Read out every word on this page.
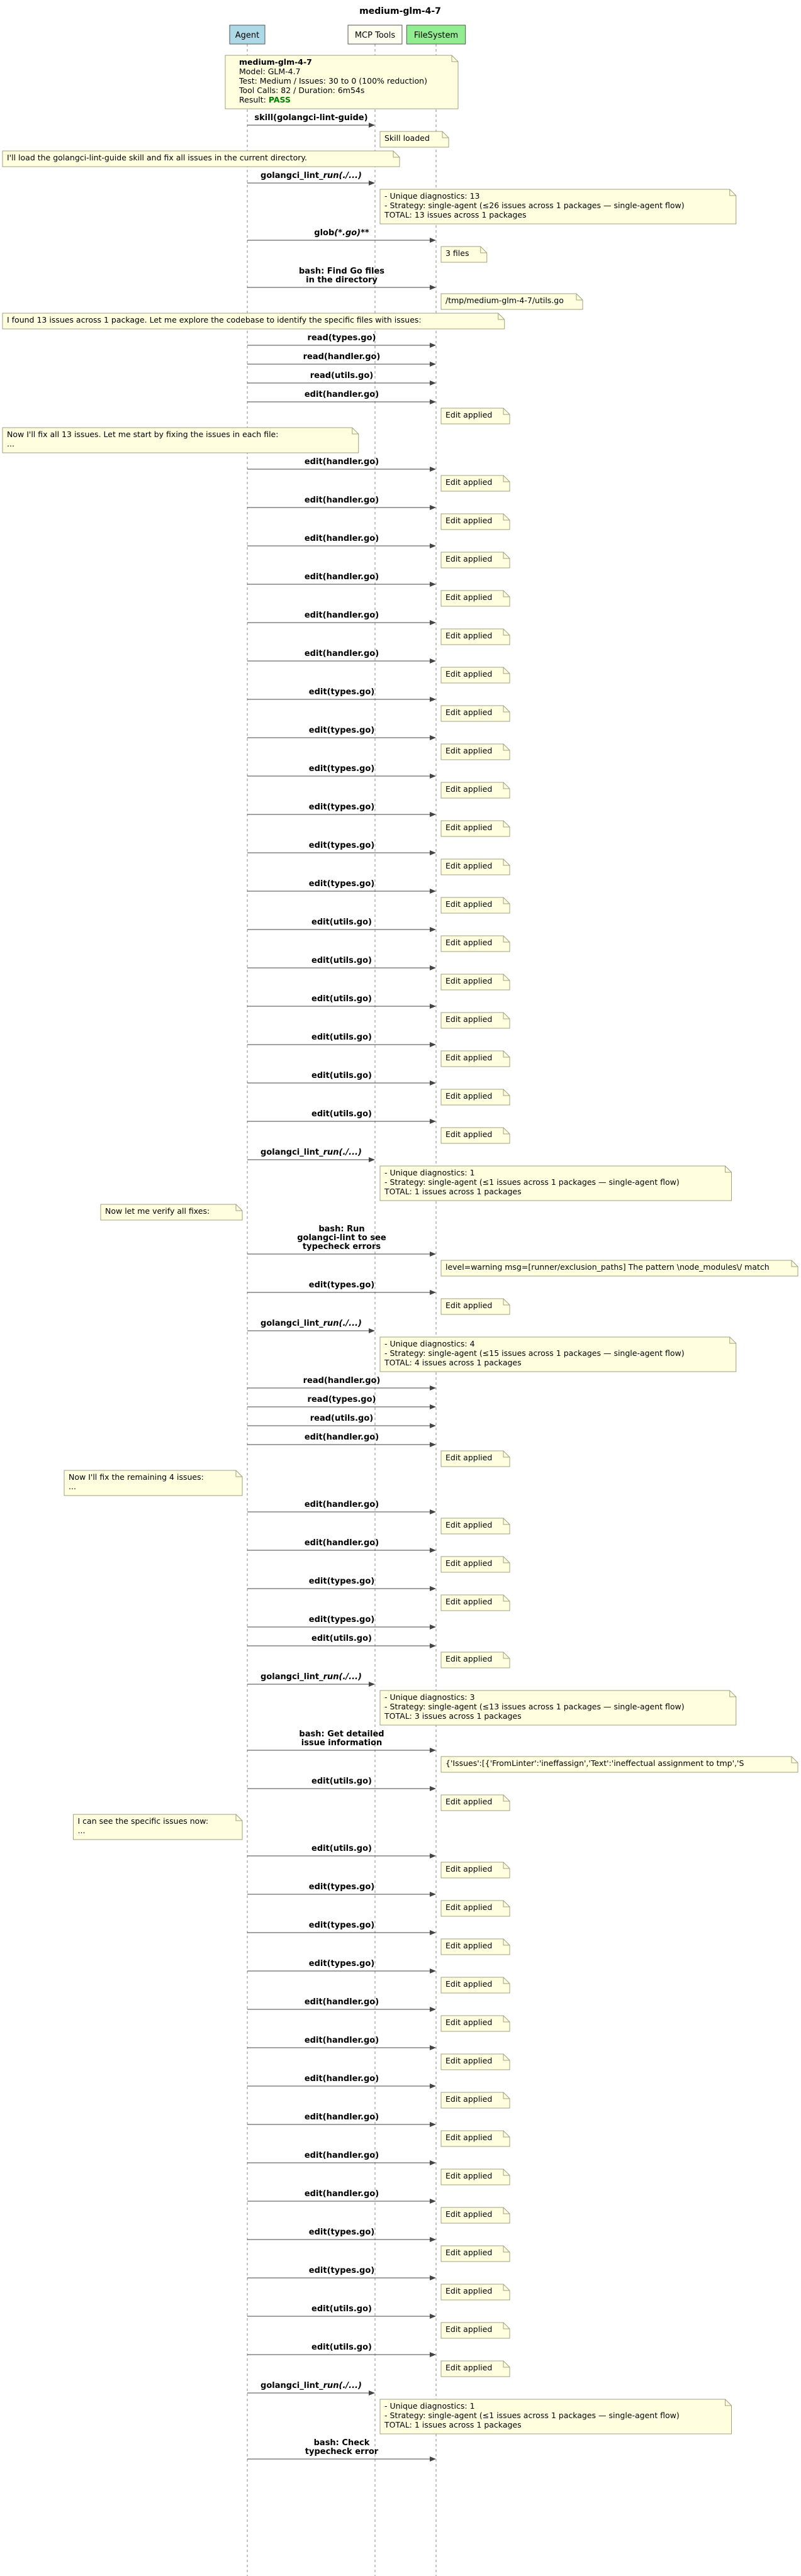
medium-glm-4-7
Agent	MCP Tools FileSystem
medium-glm-4-7
Model: GLM-4.7
Test: Medium / Issues: 30 to 0 (100% reduction)
Tool Calls: 82 / Duration: 6m54s
Result: PASS
skill(golangci-lint-guide)
Skill loaded
I'll load the golangci-lint-guide skill and fix all issues in the current directory.
golangci_lint_run(./...)
- Unique diagnostics: 13
- Strategy: single-agent (≤26 issues across 1 packages — single-agent flow)
TOTAL: 13 issues across 1 packages
glob(*.go)**
3 files
bash: Find Go files
in the directory
/tmp/medium-glm-4-7/utils.go
I found 13 issues across 1 package. Let me explore the codebase to identify the specific files with issues:
read(types.go)
read(handler.go)
read(utils.go)
edit(handler.go)
Edit applied
Now I'll fix all 13 issues. Let me start by fixing the issues in each file:
...
edit(handler.go)
Edit applied
edit(handler.go)
Edit applied
edit(handler.go)
Edit applied
edit(handler.go)
Edit applied
edit(handler.go)
Edit applied
edit(handler.go)
Edit applied
edit(types.go)
Edit applied
edit(types.go)
Edit applied
edit(types.go)
Edit applied
edit(types.go)
Edit applied
edit(types.go)
Edit applied
edit(types.go)
Edit applied
edit(utils.go)
Edit applied
edit(utils.go)
Edit applied
edit(utils.go)
Edit applied
edit(utils.go)
Edit applied
edit(utils.go)
Edit applied
edit(utils.go)
Edit applied
golangci_lint_run(./...)
- Unique diagnostics: 1
- Strategy: single-agent (≤1 issues across 1 packages — single-agent flow)
TOTAL: 1 issues across 1 packages
Now let me verify all fixes:
bash: Run
golangci-lint to see
typecheck errors
level=warning msg=[runner/exclusion_paths] The pattern \node_modules\/ match
edit(types.go)
Edit applied
golangci_lint_run(./...)
- Unique diagnostics: 4
- Strategy: single-agent (≤15 issues across 1 packages — single-agent flow)
TOTAL: 4 issues across 1 packages
read(handler.go)
read(types.go)
read(utils.go)
edit(handler.go)
Edit applied
Now I'll fix the remaining 4 issues:
...
edit(handler.go)
Edit applied
edit(handler.go)
Edit applied
edit(types.go)
Edit applied
edit(types.go)
edit(utils.go)
Edit applied
golangci_lint_run(./...)
- Unique diagnostics: 3
- Strategy: single-agent (≤13 issues across 1 packages — single-agent flow)
TOTAL: 3 issues across 1 packages
bash: Get detailed
issue information
{'Issues':[{'FromLinter':'ineffassign','Text':'ineffectual assignment to tmp','S
edit(utils.go)
Edit applied
I can see the specific issues now:
...
edit(utils.go)
Edit applied
edit(types.go)
Edit applied
edit(types.go)
Edit applied
edit(types.go)
Edit applied
edit(handler.go)
Edit applied
edit(handler.go)
Edit applied
edit(handler.go)
Edit applied
edit(handler.go)
Edit applied
edit(handler.go)
Edit applied
edit(handler.go)
Edit applied
edit(types.go)
Edit applied
edit(types.go)
Edit applied
edit(utils.go)
Edit applied
edit(utils.go)
Edit applied
golangci_lint_run(./...)
- Unique diagnostics: 1
- Strategy: single-agent (≤1 issues across 1 packages — single-agent flow)
TOTAL: 1 issues across 1 packages
bash: Check
typecheck error
